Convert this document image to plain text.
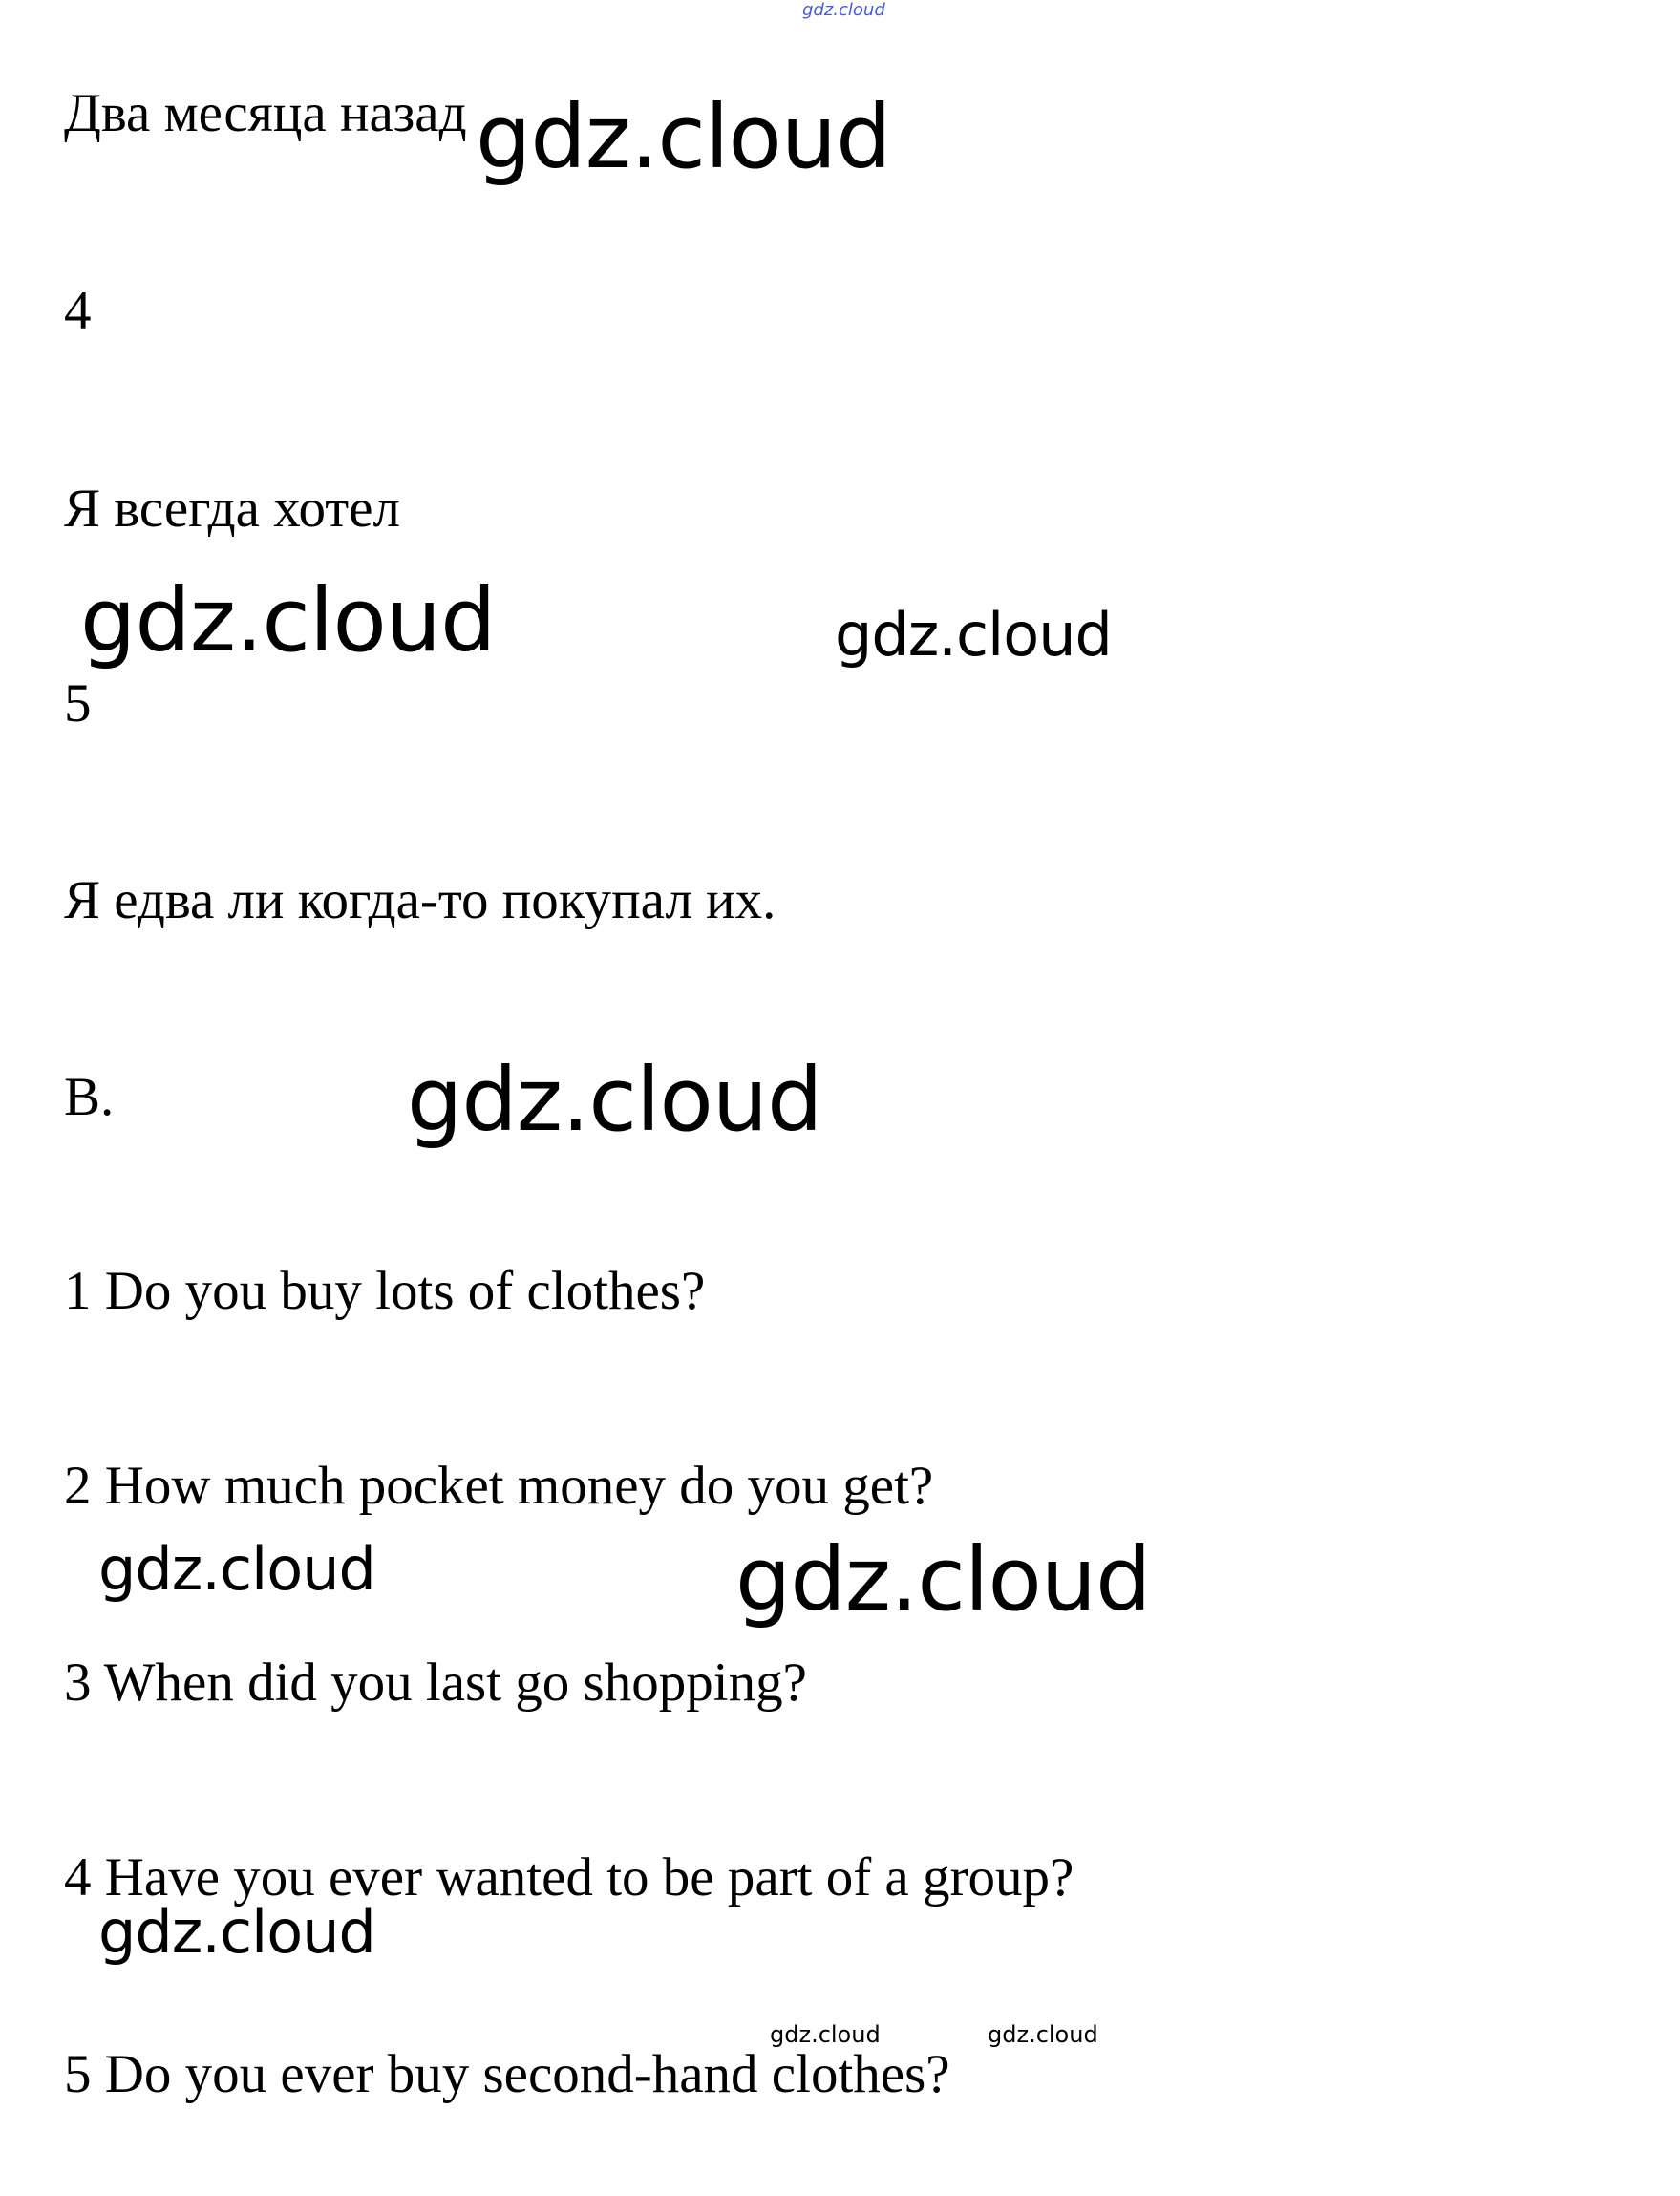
gdz.cloud
Два месяца назад gdz.cloud
4
Я всегда хотел
gdz.cloud	gdz.cloud
5
Я едва ли когда-то покупал их.
B.	gdz.cloud
1 Do you buy lots of clothes?
2 How much pocket money do you get?
gdz.cloud	gdz.cloud
3 When did you last go shopping?
4 Have you ever wanted to be part of a group?
gdz.cloud
gdz.cloud	gdz.cloud
5 Do you ever buy second-hand clothes?
